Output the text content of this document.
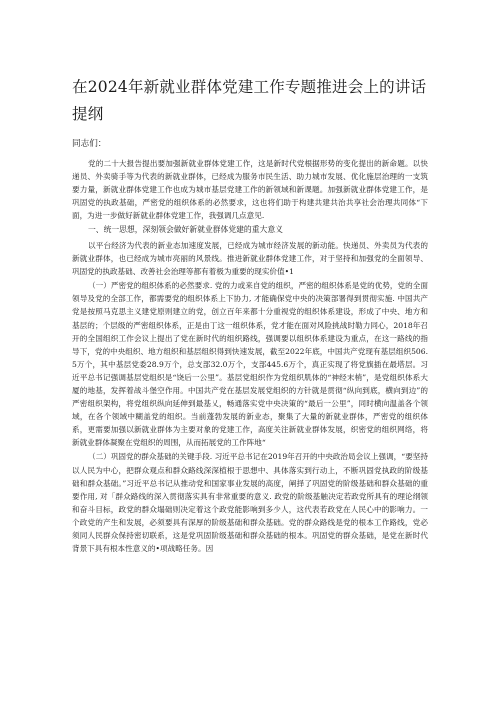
在2024年新就业群体党建工作专题推进会上的讲话提纲

同志们：

党的二十大报告提出要加强新就业群体党建工作，这是新时代党根据形势的变化提出的新命题。以快递员、外卖骑手等为代表的新就业群体，已经成为服务市民生活、助力城市发展、优化施层治理的一支筑要力量，新就业群体党建工作也成为城市基层党建工作的新领域和新课题。加强新就业群体党建工作，是巩固党的执政基础，严密党的组织体系的必然要求，这也将们助于构建共建共治共享社会治理共同体“下面，为进一步做好新就业群体党建工作，我强调几点意见.

一、统一思想，深刻领会做好新就业群体党建的重大意义

以平台经济为代表的新业态加速度发展，已经成为城市经济发展的新动能。快递员、外卖员为代表的新就业群体，也已经成为城市亮丽的风景线。推进新就业群体党建工作，对于坚持和加强党的全面领导、巩固党的执政基础、改善社会治理等都有着极为重要的现实价值•1

（一）严密党的组织体系的必然要求. 党的力或来自党的组织，严密的组织体系是党的优势，党的全面领导及党的全部工作，都需要党的组织体系上下协力, 才能确保党中央的决策部署得到贯彻实施. 中国共产党是按照马克思主义建党原则建立的党，创立百年来都十分重视党的组织体系建设，形成了中央、地方和基层的；个层级的严密组织体系，正是由丁这一组织体系，党才能在面对风险挑战时勒力同心，2018年召开的全国组织工作会议上提出了党在新时代的组织路线，强调要以组织体系建设为重点，在这一路线的指导下，党的中央组织、地方组织和基层组织得到快速发展，截至2022年底，中国共产党现有基层组织506.5万个，其中基层党委28.9万个，总支部32.0万个，支部445.6万个，真正实现了将党旗插在最塔层。习近平总书记强调基层党组织是“饶后一公里”。基层党组织作为党组织肌体的“神经末梢”，是党组织体系大厦的地基，发挥着战斗堡空作用。中国共产党在基层发展党组织的方针就是贯彻“纵向到底，横向到边”的严密组织架构，将党组织纵向延伸到最基乂，畅通落实党中央决策的“最后一公里”，同时横向温盖各个领域，在各个领域中糊盖党的组织。当前蓬勃发展的新业态，聚集了大量的新就业群体，严密党的组织体系，更需要加强以新就业群体为主要对象的党建工作，高度关注新就业群体发展，织密党的组织网络，将新就业群体凝聚在党组织的周围，从而拓展党的工作阵地“

（二）巩固党的群众基础的关键手段. 习近平总书记在2019年召开的中央政治局会议上强调，“要坚持以人民为中心，把群众观点和群众路线深深植根于思想中、具体落实到行动上，不断巩固党执政的阶级基础和群众基础。”习近平总书记从推动党和国家事业发展的高度，阐择了巩固党的阶级基础和群众基础的重要作用, 对「群众路线的深入贯彻落实具有非常重要的意义. 政党的阶级基触决定若政党所具有的理论纲领和奋斗目标，政党的群众塌础则决定着这个政党能影响到多少人，这代表若政党在人民心中的影响力。一个政党的产生和发展，必须要具有深厚的阶级基础和群众基础。党的群众路线是党的根本工作路线，党必须同人民群众保持密切联系，这是党巩固阶级基础和群众基础的根本。巩固党的群众基础，是党在新时代背景下具有根本性意义的•项战略任务。因
